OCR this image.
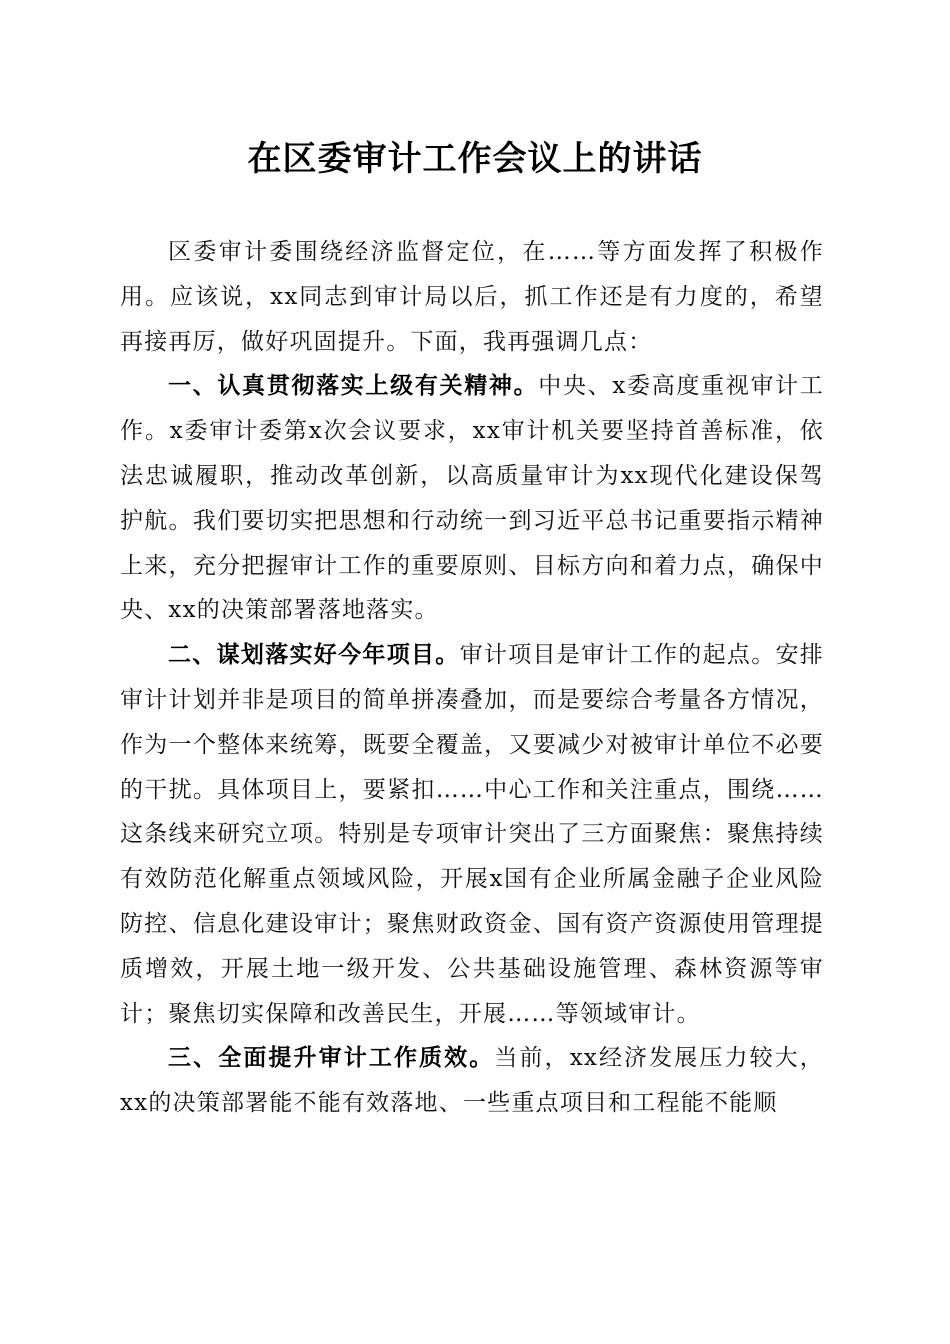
在区委审计工作会议上的讲话

区委审计委围绕经济监督定位，在……等方面发挥了积极作用。应该说，xx同志到审计局以后，抓工作还是有力度的，希望再接再厉，做好巩固提升。下面，我再强调几点：

一、认真贯彻落实上级有关精神。中央、x委高度重视审计工作。x委审计委第x次会议要求，xx审计机关要坚持首善标准，依法忠诚履职，推动改革创新，以高质量审计为xx现代化建设保驾护航。我们要切实把思想和行动统一到习近平总书记重要指示精神上来，充分把握审计工作的重要原则、目标方向和着力点，确保中央、xx的决策部署落地落实。

二、谋划落实好今年项目。审计项目是审计工作的起点。安排审计计划并非是项目的简单拼凑叠加，而是要综合考量各方情况，作为一个整体来统筹，既要全覆盖，又要减少对被审计单位不必要的干扰。具体项目上，要紧扣……中心工作和关注重点，围绕……这条线来研究立项。特别是专项审计突出了三方面聚焦：聚焦持续有效防范化解重点领域风险，开展x国有企业所属金融子企业风险防控、信息化建设审计；聚焦财政资金、国有资产资源使用管理提质增效，开展土地一级开发、公共基础设施管理、森林资源等审计；聚焦切实保障和改善民生，开展……等领域审计。

三、全面提升审计工作质效。当前，xx经济发展压力较大，xx的决策部署能不能有效落地、一些重点项目和工程能不能顺
